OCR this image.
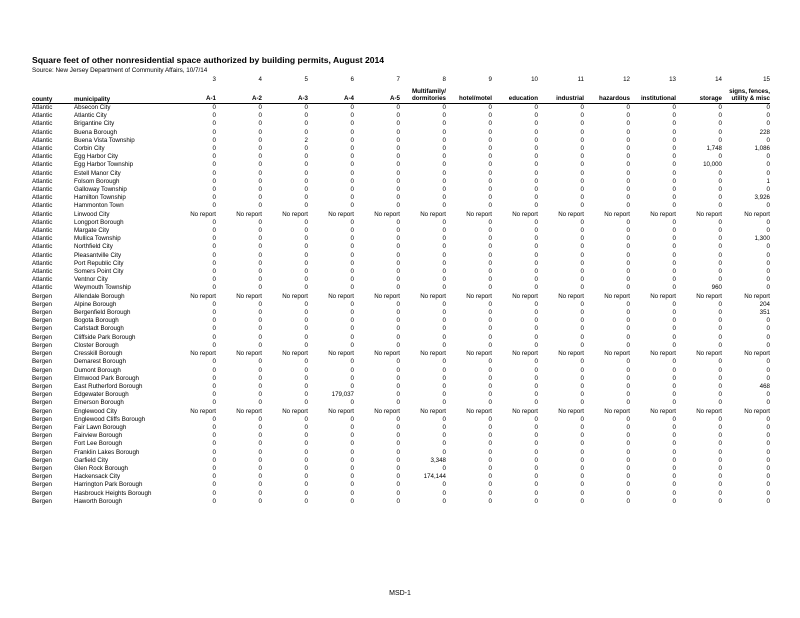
Square feet of other nonresidential space authorized by building permits, August 2014
Source: New Jersey Department of Community Affairs, 10/7/14
		3	4	5	6	7	8	9	10	11	12	13	14	15
county	municipality	A-1	A-2	A-3	A-4	A-5	Multifamily/ dormitories	hotel/motel	education	industrial	hazardous	institutional	storage	signs, fences, utility & misc
Atlantic	Absecon City	0	0	0	0	0	0	0	0	0	0	0	0	0
Atlantic	Atlantic City	0	0	0	0	0	0	0	0	0	0	0	0	0
Atlantic	Brigantine City	0	0	0	0	0	0	0	0	0	0	0	0	0
Atlantic	Buena Borough	0	0	0	0	0	0	0	0	0	0	0	0	228
Atlantic	Buena Vista Township	0	0	2	0	0	0	0	0	0	0	0	0	0
Atlantic	Corbin City	0	0	0	0	0	0	0	0	0	0	0	1,748	1,086
Atlantic	Egg Harbor City	0	0	0	0	0	0	0	0	0	0	0	0	0
Atlantic	Egg Harbor Township	0	0	0	0	0	0	0	0	0	0	0	10,000	0
Atlantic	Estell Manor City	0	0	0	0	0	0	0	0	0	0	0	0	0
Atlantic	Folsom Borough	0	0	0	0	0	0	0	0	0	0	0	0	1
Atlantic	Galloway Township	0	0	0	0	0	0	0	0	0	0	0	0	0
Atlantic	Hamilton Township	0	0	0	0	0	0	0	0	0	0	0	0	3,926
Atlantic	Hammonton Town	0	0	0	0	0	0	0	0	0	0	0	0	0
Atlantic	Linwood City	No report	No report	No report	No report	No report	No report	No report	No report	No report	No report	No report	No report	No report
Atlantic	Longport Borough	0	0	0	0	0	0	0	0	0	0	0	0	0
Atlantic	Margate City	0	0	0	0	0	0	0	0	0	0	0	0	0
Atlantic	Mullica Township	0	0	0	0	0	0	0	0	0	0	0	0	1,300
Atlantic	Northfield City	0	0	0	0	0	0	0	0	0	0	0	0	0
Atlantic	Pleasantville City	0	0	0	0	0	0	0	0	0	0	0	0	0
Atlantic	Port Republic City	0	0	0	0	0	0	0	0	0	0	0	0	0
Atlantic	Somers Point City	0	0	0	0	0	0	0	0	0	0	0	0	0
Atlantic	Ventnor City	0	0	0	0	0	0	0	0	0	0	0	0	0
Atlantic	Weymouth Township	0	0	0	0	0	0	0	0	0	0	0	960	0
Bergen	Allendale Borough	No report	No report	No report	No report	No report	No report	No report	No report	No report	No report	No report	No report	No report
Bergen	Alpine Borough	0	0	0	0	0	0	0	0	0	0	0	0	204
Bergen	Bergenfield Borough	0	0	0	0	0	0	0	0	0	0	0	0	351
Bergen	Bogota Borough	0	0	0	0	0	0	0	0	0	0	0	0	0
Bergen	Carlstadt Borough	0	0	0	0	0	0	0	0	0	0	0	0	0
Bergen	Cliffside Park Borough	0	0	0	0	0	0	0	0	0	0	0	0	0
Bergen	Closter Borough	0	0	0	0	0	0	0	0	0	0	0	0	0
Bergen	Cresskill Borough	No report	No report	No report	No report	No report	No report	No report	No report	No report	No report	No report	No report	No report
Bergen	Demarest Borough	0	0	0	0	0	0	0	0	0	0	0	0	0
Bergen	Dumont Borough	0	0	0	0	0	0	0	0	0	0	0	0	0
Bergen	Elmwood Park Borough	0	0	0	0	0	0	0	0	0	0	0	0	0
Bergen	East Rutherford Borough	0	0	0	0	0	0	0	0	0	0	0	0	468
Bergen	Edgewater Borough	0	0	0	179,037	0	0	0	0	0	0	0	0	0
Bergen	Emerson Borough	0	0	0	0	0	0	0	0	0	0	0	0	0
Bergen	Englewood City	No report	No report	No report	No report	No report	No report	No report	No report	No report	No report	No report	No report	No report
Bergen	Englewood Cliffs Borough	0	0	0	0	0	0	0	0	0	0	0	0	0
Bergen	Fair Lawn Borough	0	0	0	0	0	0	0	0	0	0	0	0	0
Bergen	Fairview Borough	0	0	0	0	0	0	0	0	0	0	0	0	0
Bergen	Fort Lee Borough	0	0	0	0	0	0	0	0	0	0	0	0	0
Bergen	Franklin Lakes Borough	0	0	0	0	0	0	0	0	0	0	0	0	0
Bergen	Garfield City	0	0	0	0	0	3,348	0	0	0	0	0	0	0
Bergen	Glen Rock Borough	0	0	0	0	0	0	0	0	0	0	0	0	0
Bergen	Hackensack City	0	0	0	0	0	174,144	0	0	0	0	0	0	0
Bergen	Harrington Park Borough	0	0	0	0	0	0	0	0	0	0	0	0	0
Bergen	Hasbrouck Heights Borough	0	0	0	0	0	0	0	0	0	0	0	0	0
Bergen	Haworth Borough	0	0	0	0	0	0	0	0	0	0	0	0	0
MSD-1
